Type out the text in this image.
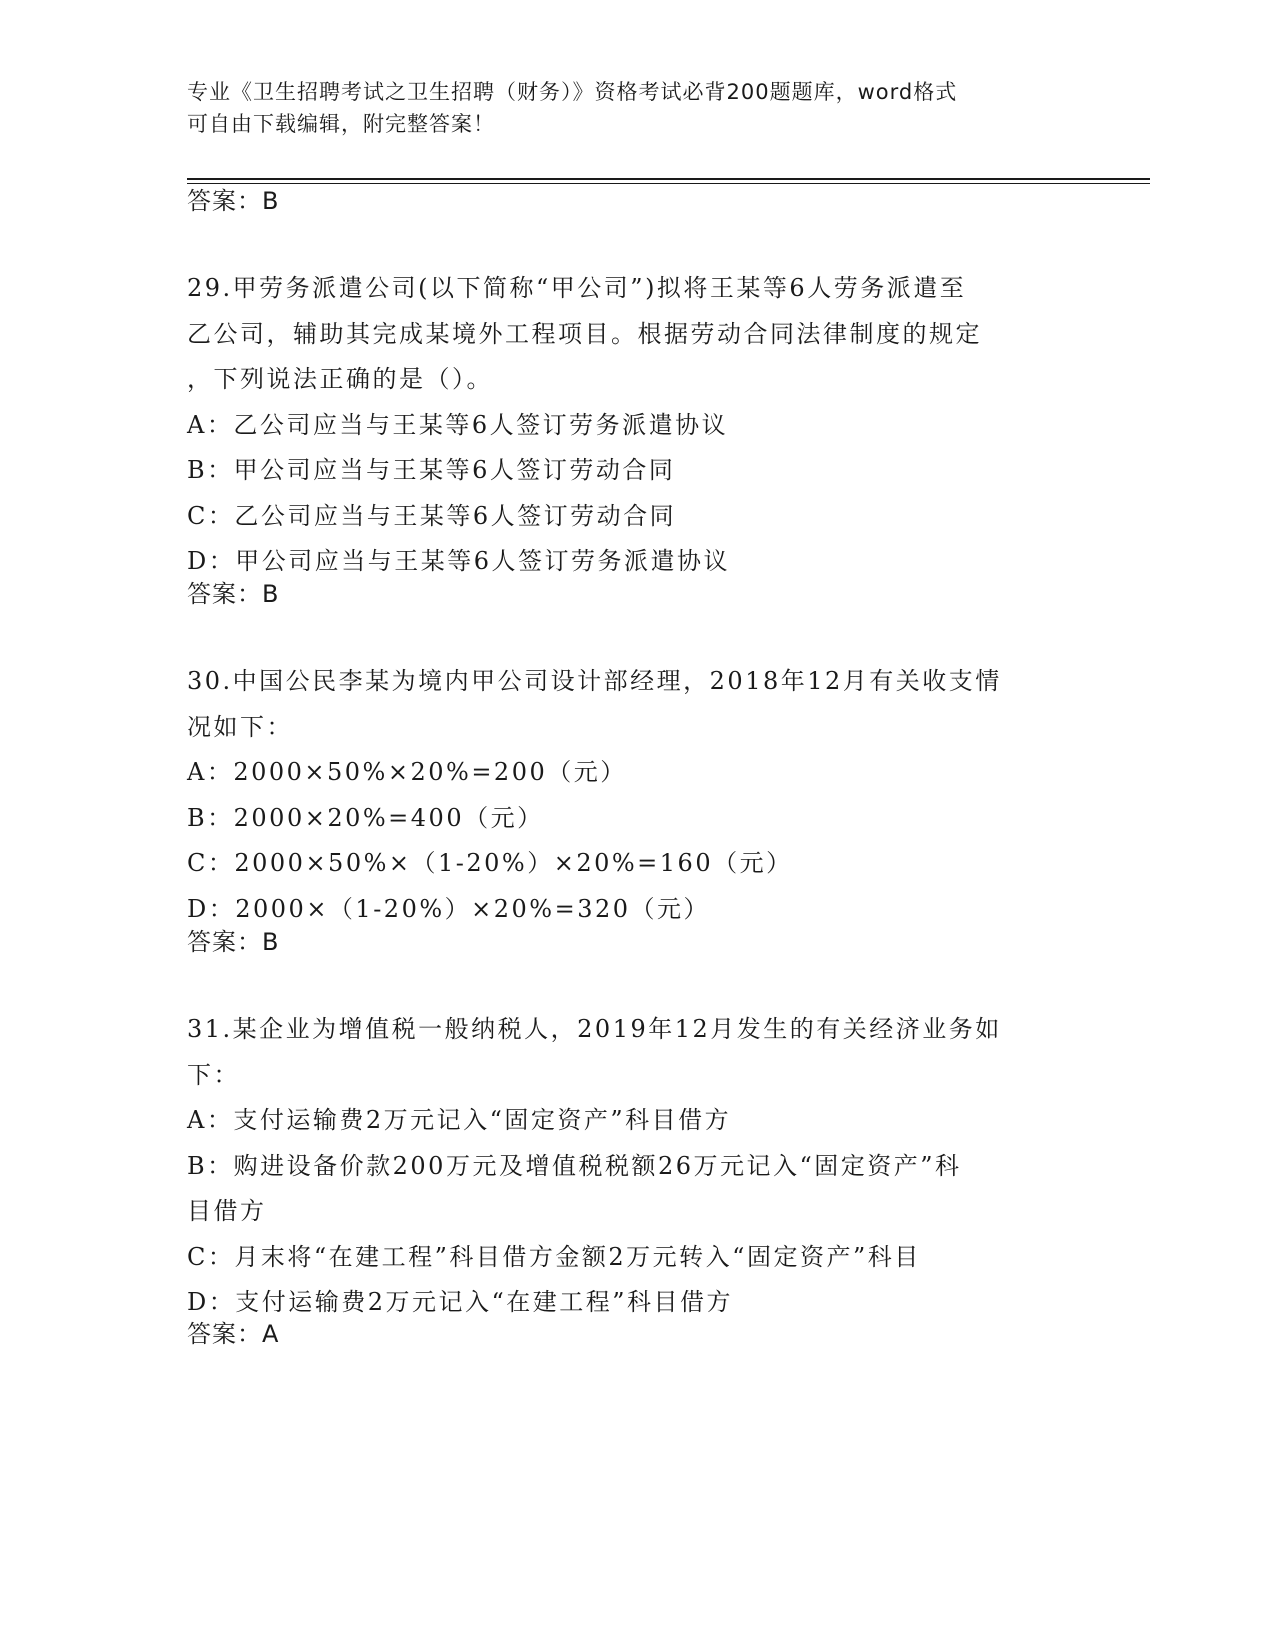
专业《卫生招聘考试之卫生招聘（财务）》资格考试必背200题题库，word格式
可自由下载编辑，附完整答案！
答案：B
29.甲劳务派遣公司(以下简称“甲公司”)拟将王某等6人劳务派遣至
乙公司，辅助其完成某境外工程项目。根据劳动合同法律制度的规定
，下列说法正确的是（）。
A：乙公司应当与王某等6人签订劳务派遣协议
B：甲公司应当与王某等6人签订劳动合同
C：乙公司应当与王某等6人签订劳动合同
D：甲公司应当与王某等6人签订劳务派遣协议
答案：B
30.中国公民李某为境内甲公司设计部经理，2018年12月有关收支情
况如下：
A：2000×50%×20%=200（元）
B：2000×20%=400（元）
C：2000×50%×（1-20%）×20%=160（元）
D：2000×（1-20%）×20%=320（元）
答案：B
31.某企业为增值税一般纳税人，2019年12月发生的有关经济业务如
下：
A：支付运输费2万元记入“固定资产”科目借方
B：购进设备价款200万元及增值税税额26万元记入“固定资产”科
目借方
C：月末将“在建工程”科目借方金额2万元转入“固定资产”科目
D：支付运输费2万元记入“在建工程”科目借方
答案：A
